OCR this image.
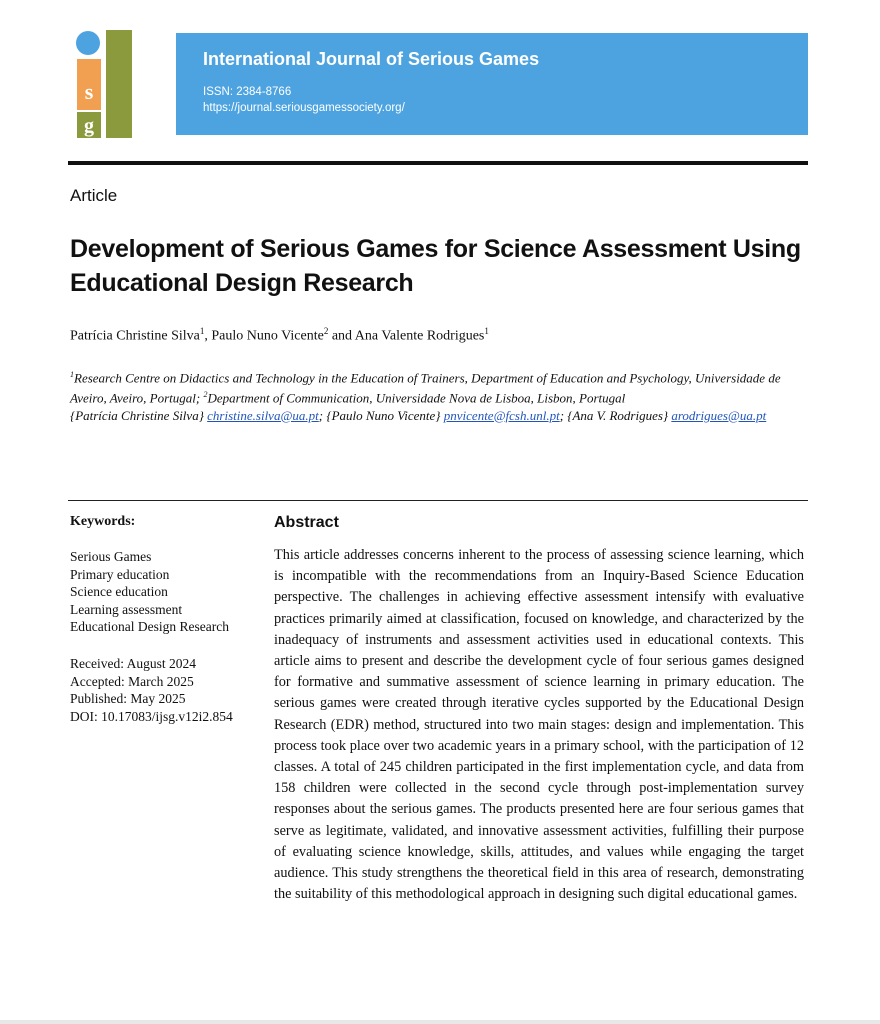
s
g
International Journal of Serious Games
ISSN: 2384-8766
https://journal.seriousgamessociety.org/
Article
Development of Serious Games for Science Assessment Using Educational Design Research
Patrícia Christine Silva$^1$, Paulo Nuno Vicente$^2$ and Ana Valente Rodrigues$^1$
$^1$Research Centre on Didactics and Technology in the Education of Trainers, Department of Education and Psychology, Universidade de Aveiro, Aveiro, Portugal; $^2$Department of Communication, Universidade Nova de Lisboa, Lisbon, Portugal
{Patrícia Christine Silva} christine.silva@ua.pt; {Paulo Nuno Vicente} pnvicente@fcsh.unl.pt; {Ana V. Rodrigues} arodrigues@ua.pt
Keywords:
Serious Games
Primary education
Science education
Learning assessment
Educational Design Research
Received: August 2024
Accepted: March 2025
Published: May 2025
DOI: 10.17083/ijsg.v12i2.854
Abstract
This article addresses concerns inherent to the process of assessing science learning, which is incompatible with the recommendations from an Inquiry-Based Science Education perspective. The challenges in achieving effective assessment intensify with evaluative practices primarily aimed at classification, focused on knowledge, and characterized by the inadequacy of instruments and assessment activities used in educational contexts. This article aims to present and describe the development cycle of four serious games designed for formative and summative assessment of science learning in primary education. The serious games were created through iterative cycles supported by the Educational Design Research (EDR) method, structured into two main stages: design and implementation. This process took place over two academic years in a primary school, with the participation of 12 classes. A total of 245 children participated in the first implementation cycle, and data from 158 children were collected in the second cycle through post-implementation survey responses about the serious games. The products presented here are four serious games that serve as legitimate, validated, and innovative assessment activities, fulfilling their purpose of evaluating science knowledge, skills, attitudes, and values while engaging the target audience. This study strengthens the theoretical field in this area of research, demonstrating the suitability of this methodological approach in designing such digital educational games.
